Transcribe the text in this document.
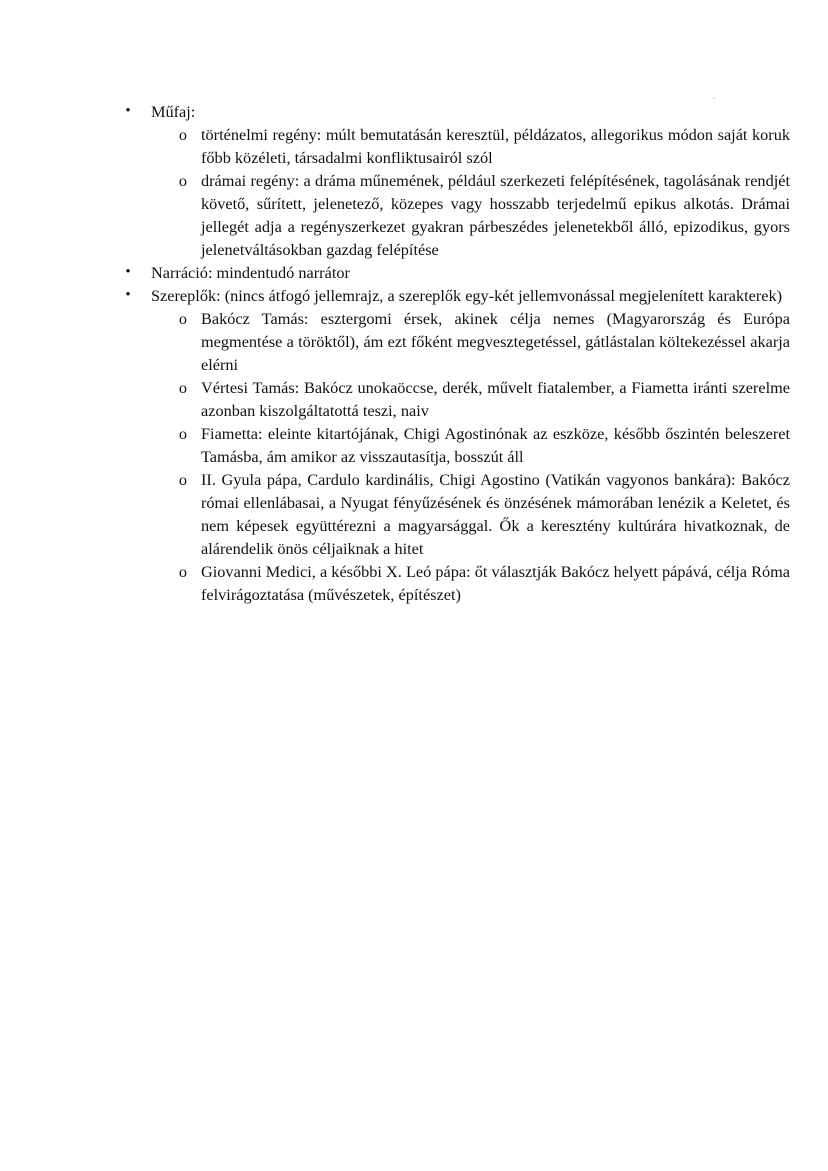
• Műfaj:
o történelmi regény: múlt bemutatásán keresztül, példázatos, allegorikus módon saját koruk főbb közéleti, társadalmi konfliktusairól szól
o drámai regény: a dráma műnemének, például szerkezeti felépítésének, tagolásának rendjét követő, sűrített, jelenetező, közepes vagy hosszabb terjedelmű epikus alkotás. Drámai jellegét adja a regényszerkezet gyakran párbeszédes jelenetekből álló, epizodikus, gyors jelenetváltásokban gazdag felépítése
• Narráció: mindentudó narrátor
• Szereplők: (nincs átfogó jellemrajz, a szereplők egy-két jellemvonással megjelenített karakterek)
o Bakócz Tamás: esztergomi érsek, akinek célja nemes (Magyarország és Európa megmentése a töröktől), ám ezt főként megvesztegetéssel, gátlástalan költekezéssel akarja elérni
o Vértesi Tamás: Bakócz unokaöccse, derék, művelt fiatalember, a Fiametta iránti szerelme azonban kiszolgáltatottá teszi, naiv
o Fiametta: eleinte kitartójának, Chigi Agostinónak az eszköze, később őszintén beleszeret Tamásba, ám amikor az visszautasítja, bosszút áll
o II. Gyula pápa, Cardulo kardinális, Chigi Agostino (Vatikán vagyonos bankára): Bakócz római ellenlábasai, a Nyugat fényűzésének és önzésének mámorában lenézik a Keletet, és nem képesek együttérezni a magyarsággal. Ők a keresztény kultúrára hivatkoznak, de alárendelik önös céljaiknak a hitet
o Giovanni Medici, a későbbi X. Leó pápa: őt választják Bakócz helyett pápává, célja Róma felvirágoztatása (művészetek, építészet)
